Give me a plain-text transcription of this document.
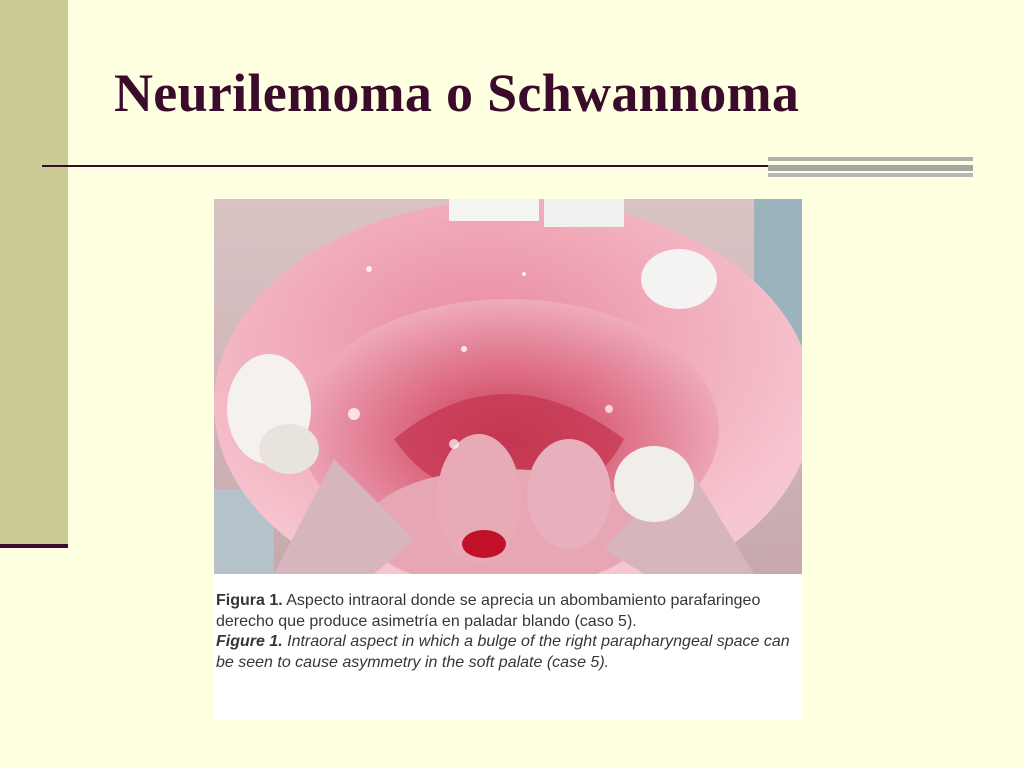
Neurilemoma o Schwannoma

Figura 1. Aspecto intraoral donde se aprecia un abombamiento parafaringeo derecho que produce asimetría en paladar blando (caso 5).

Figure 1. Intraoral aspect in which a bulge of the right parapharyngeal space can be seen to cause asymmetry in the soft palate (case 5).
